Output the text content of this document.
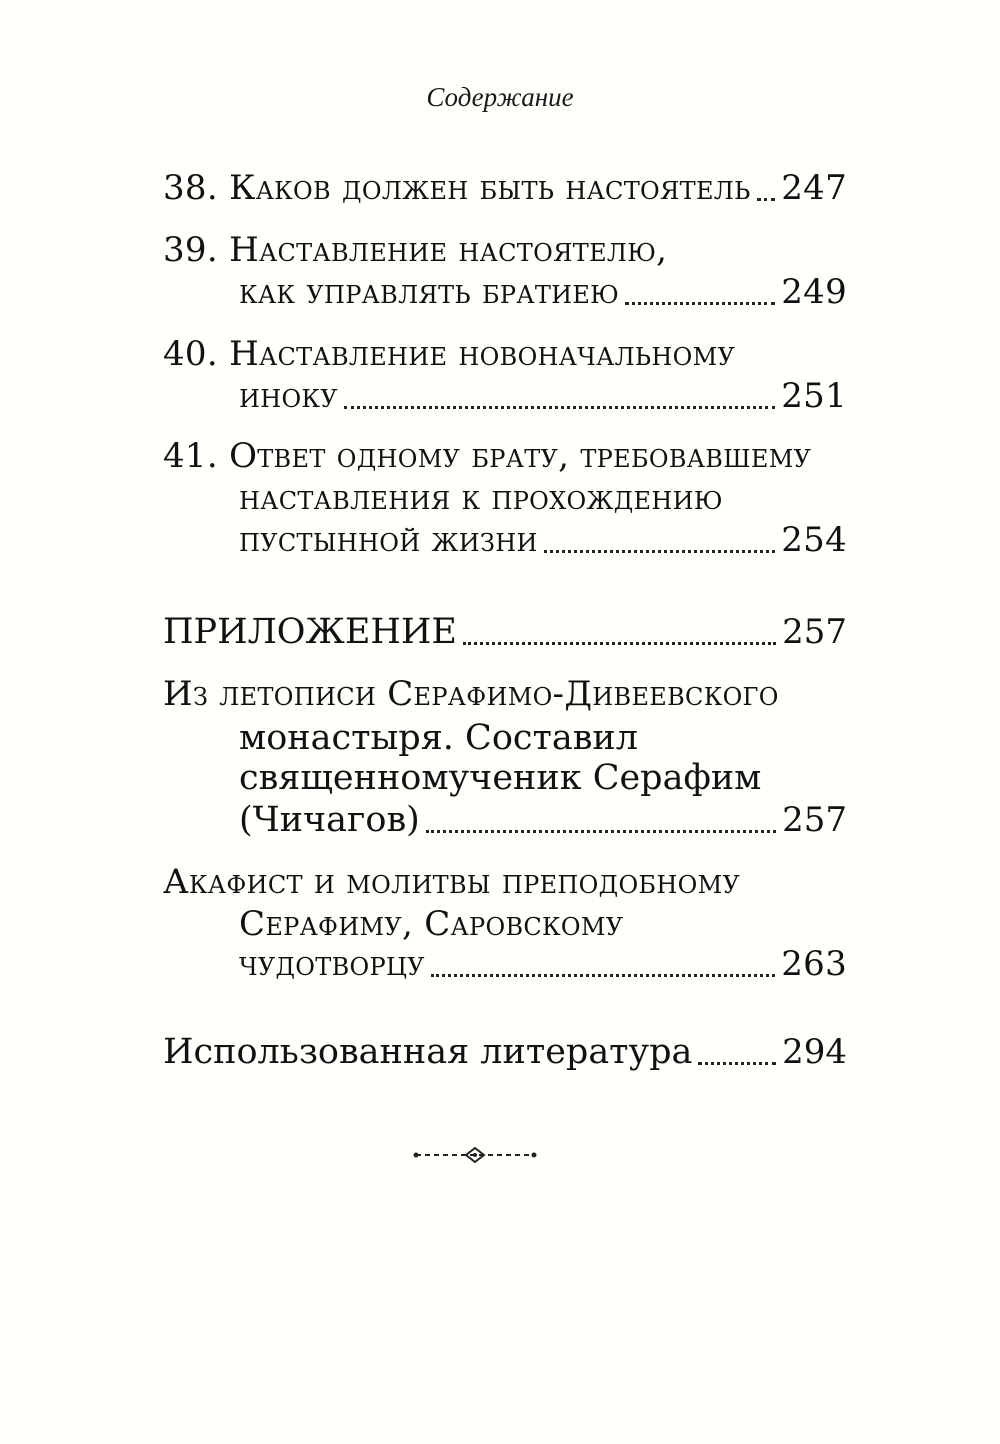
Содержание
38. Каков должен быть настоятель 247
39. Наставление настоятелю,
как управлять братиею	249
40. Наставление новоначальному
иноку	251
41. Ответ одному брату, требовавшему
наставления к прохождению
пустынной жизни	254
ПРИЛОЖЕНИЕ	257
Из летописи Серафимо-Дивеевского
монастыря. Составил
священномученик Серафим
(Чичагов)	257
Акафист и молитвы преподобному
Серафиму, Саровскому
чудотворцу	263
Использованная литература	294
